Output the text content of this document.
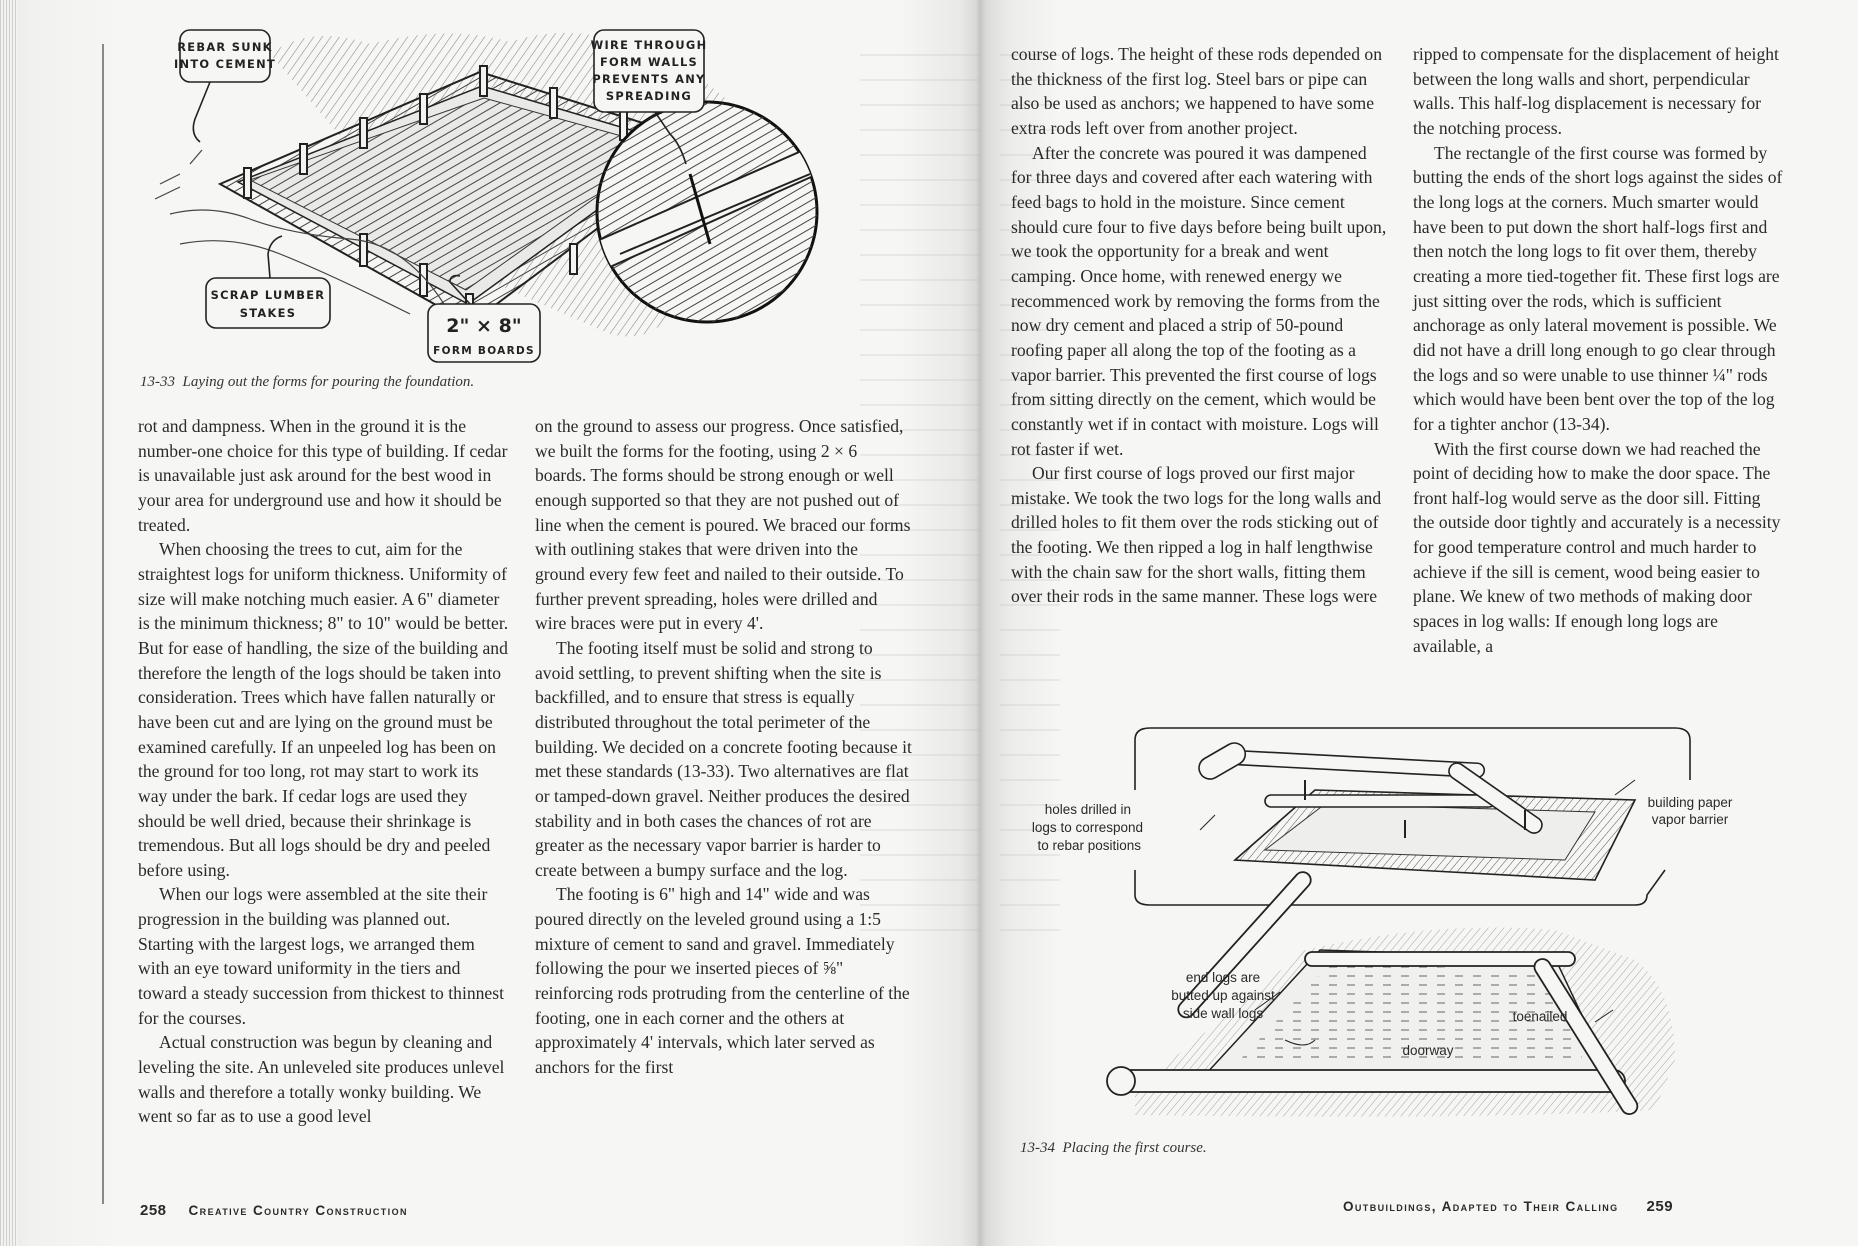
REBAR SUNK
INTO CEMENT
WIRE THROUGH
FORM WALLS
PREVENTS ANY
SPREADING
SCRAP LUMBER
STAKES
2" × 8"
FORM BOARDS

13-33 Laying out the forms for pouring the foundation.

rot and dampness. When in the ground it is the number-one choice for this type of building. If cedar is unavailable just ask around for the best wood in your area for underground use and how it should be treated.

When choosing the trees to cut, aim for the straightest logs for uniform thickness. Uniformity of size will make notching much easier. A 6" diameter is the minimum thickness; 8" to 10" would be better. But for ease of handling, the size of the building and therefore the length of the logs should be taken into consideration. Trees which have fallen naturally or have been cut and are lying on the ground must be examined carefully. If an unpeeled log has been on the ground for too long, rot may start to work its way under the bark. If cedar logs are used they should be well dried, because their shrinkage is tremendous. But all logs should be dry and peeled before using.

When our logs were assembled at the site their progression in the building was planned out. Starting with the largest logs, we arranged them with an eye toward uniformity in the tiers and toward a steady succession from thickest to thinnest for the courses.

Actual construction was begun by cleaning and leveling the site. An unleveled site produces unlevel walls and therefore a totally wonky building. We went so far as to use a good level

on the ground to assess our progress. Once satisfied, we built the forms for the footing, using 2 × 6 boards. The forms should be strong enough or well enough supported so that they are not pushed out of line when the cement is poured. We braced our forms with outlining stakes that were driven into the ground every few feet and nailed to their outside. To further prevent spreading, holes were drilled and wire braces were put in every 4'.

The footing itself must be solid and strong to avoid settling, to prevent shifting when the site is backfilled, and to ensure that stress is equally distributed throughout the total perimeter of the building. We decided on a concrete footing because it met these standards (13-33). Two alternatives are flat or tamped-down gravel. Neither produces the desired stability and in both cases the chances of rot are greater as the necessary vapor barrier is harder to create between a bumpy surface and the log.

The footing is 6" high and 14" wide and was poured directly on the leveled ground using a 1:5 mixture of cement to sand and gravel. Immediately following the pour we inserted pieces of ⅝" reinforcing rods protruding from the centerline of the footing, one in each corner and the others at approximately 4' intervals, which later served as anchors for the first

258 Creative Country Construction

course of logs. The height of these rods depended on the thickness of the first log. Steel bars or pipe can also be used as anchors; we happened to have some extra rods left over from another project.

After the concrete was poured it was dampened for three days and covered after each watering with feed bags to hold in the moisture. Since cement should cure four to five days before being built upon, we took the opportunity for a break and went camping. Once home, with renewed energy we recommenced work by removing the forms from the now dry cement and placed a strip of 50-pound roofing paper all along the top of the footing as a vapor barrier. This prevented the first course of logs from sitting directly on the cement, which would be constantly wet if in contact with moisture. Logs will rot faster if wet.

Our first course of logs proved our first major mistake. We took the two logs for the long walls and drilled holes to fit them over the rods sticking out of the footing. We then ripped a log in half lengthwise with the chain saw for the short walls, fitting them over their rods in the same manner. These logs were

ripped to compensate for the displacement of height between the long walls and short, perpendicular walls. This half-log displacement is necessary for the notching process.

The rectangle of the first course was formed by butting the ends of the short logs against the sides of the long logs at the corners. Much smarter would have been to put down the short half-logs first and then notch the long logs to fit over them, thereby creating a more tied-together fit. These first logs are just sitting over the rods, which is sufficient anchorage as only lateral movement is possible. We did not have a drill long enough to go clear through the logs and so were unable to use thinner ¼" rods which would have been bent over the top of the log for a tighter anchor (13-34).

With the first course down we had reached the point of deciding how to make the door space. The front half-log would serve as the door sill. Fitting the outside door tightly and accurately is a necessity for good temperature control and much harder to achieve if the sill is cement, wood being easier to plane. We knew of two methods of making door spaces in log walls: If enough long logs are available, a

holes drilled in
logs to correspond
to rebar positions
building paper
vapor barrier
end logs are
butted up against
side wall logs	toenailed
doorway

13-34 Placing the first course.

Outbuildings, Adapted to Their Calling 259
